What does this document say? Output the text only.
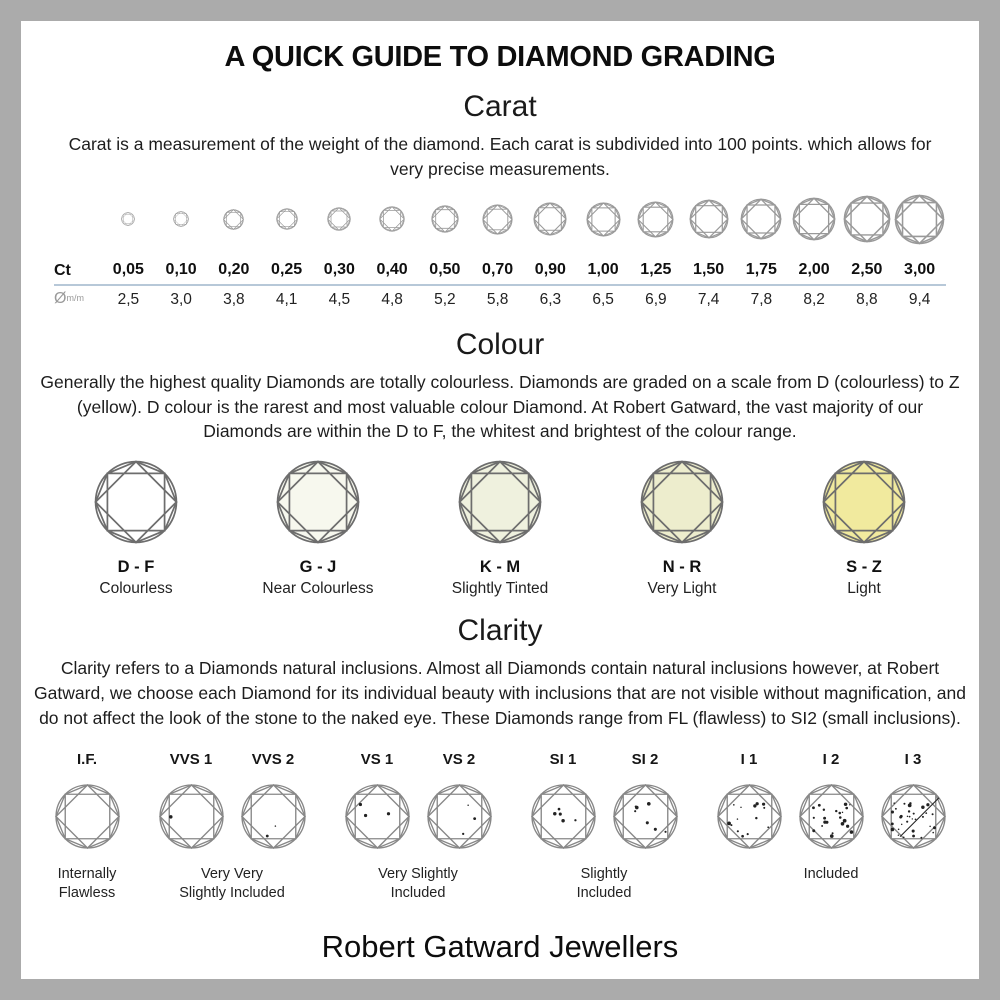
A QUICK GUIDE TO DIAMOND GRADING
Carat

Carat is a measurement of the weight of the diamond. Each carat is subdivided into 100 points. which allows for very precise measurements.

Ct	0,05	0,10	0,20	0,25	0,30	0,40	0,50	0,70	0,90	1,00	1,25	1,50	1,75	2,00	2,50	3,00
Øm/m	2,5	3,0	3,8	4,1	4,5	4,8	5,2	5,8	6,3	6,5	6,9	7,4	7,8	8,2	8,8	9,4
Colour

Generally the highest quality Diamonds are totally colourless. Diamonds are graded on a scale from D (colourless) to Z (yellow). D colour is the rarest and most valuable colour Diamond. At Robert Gatward, the vast majority of our Diamonds are within the D to F, the whitest and brightest of the colour range.

D - F
Colourless
G - J
Near Colourless
K - M
Slightly Tinted
N - R
Very Light
S - Z
Light
Clarity

Clarity refers to a Diamonds natural inclusions. Almost all Diamonds contain natural inclusions however, at Robert Gatward, we choose each Diamond for its individual beauty with inclusions that are not visible without magnification, and do not affect the look of the stone to the naked eye. These Diamonds range from FL (flawless) to SI2 (small inclusions).

I.F.
Internally
Flawless
VVS 1	VVS 2
Very Very
Slightly Included
VS 1	VS 2
Very Slightly
Included
SI 1	SI 2
Slightly
Included
I 1	I 2	I 3
Included
Robert Gatward Jewellers
